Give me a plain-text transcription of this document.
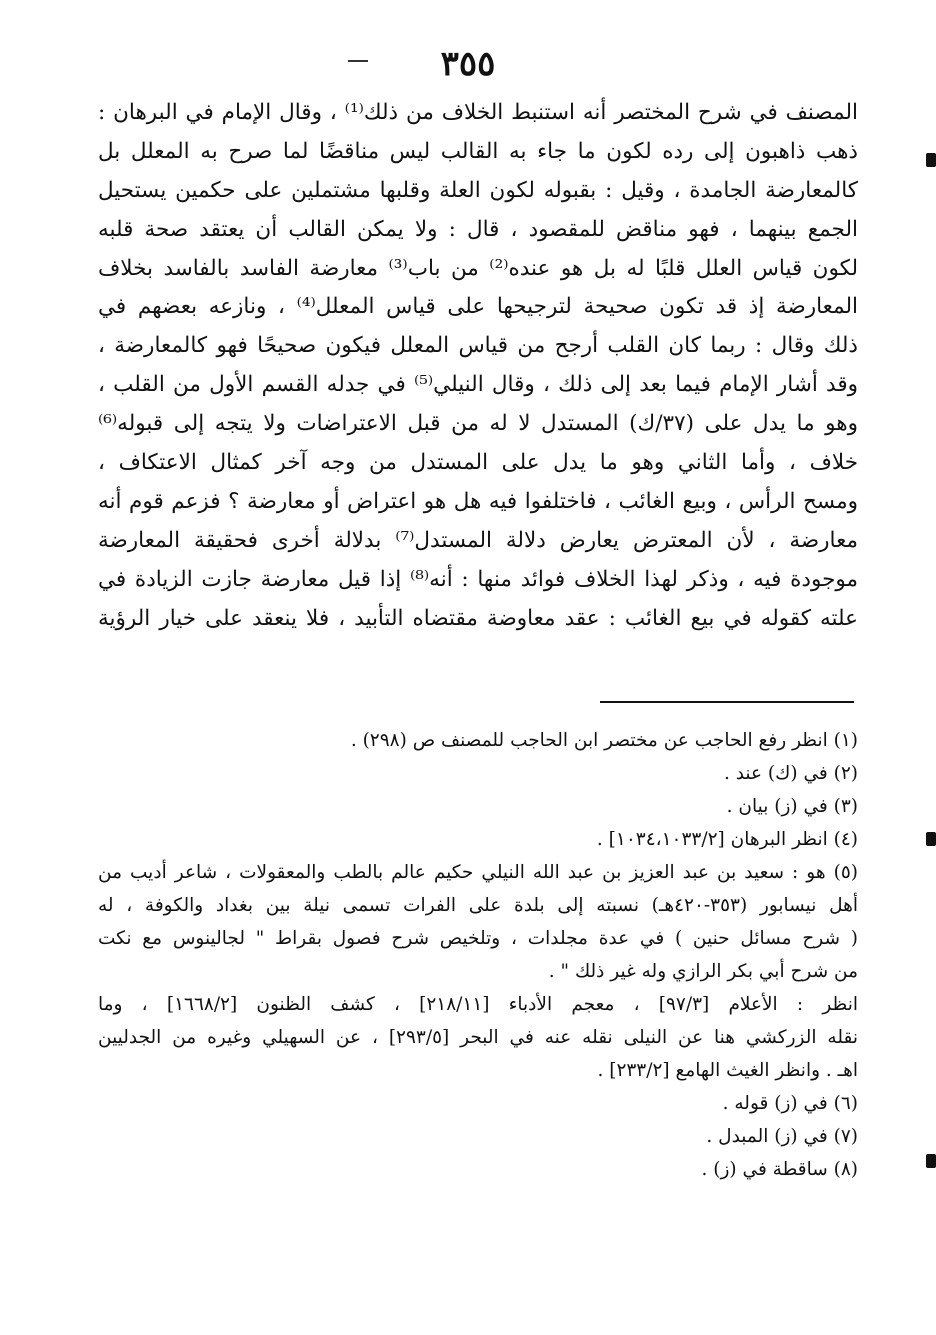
٣٥٥
المصنف في شرح المختصر أنه استنبط الخلاف من ذلك⁽¹⁾ ، وقال الإمام في البرهان :
ذهب ذاهبون إلى رده لكون ما جاء به القالب ليس مناقضًا لما صرح به المعلل بل
كالمعارضة الجامدة ، وقيل : بقبوله لكون العلة وقلبها مشتملين على حكمين يستحيل
الجمع بينهما ، فهو مناقض للمقصود ، قال : ولا يمكن القالب أن يعتقد صحة قلبه
لكون قياس العلل قلبًا له بل هو عنده⁽²⁾ من باب⁽³⁾ معارضة الفاسد بالفاسد بخلاف
المعارضة إذ قد تكون صحيحة لترجيحها على قياس المعلل⁽⁴⁾ ، ونازعه بعضهم في
ذلك وقال : ربما كان القلب أرجح من قياس المعلل فيكون صحيحًا فهو كالمعارضة ،
وقد أشار الإمام فيما بعد إلى ذلك ، وقال النيلي⁽⁵⁾ في جدله القسم الأول من القلب ،
وهو ما يدل على (٣٧/ك) المستدل لا له من قبل الاعتراضات ولا يتجه إلى قبوله⁽⁶⁾
خلاف ، وأما الثاني وهو ما يدل على المستدل من وجه آخر كمثال الاعتكاف ،
ومسح الرأس ، وبيع الغائب ، فاختلفوا فيه هل هو اعتراض أو معارضة ؟ فزعم قوم أنه
معارضة ، لأن المعترض يعارض دلالة المستدل⁽⁷⁾ بدلالة أخرى فحقيقة المعارضة
موجودة فيه ، وذكر لهذا الخلاف فوائد منها : أنه⁽⁸⁾ إذا قيل معارضة جازت الزيادة في
علته كقوله في بيع الغائب : عقد معاوضة مقتضاه التأبيد ، فلا ينعقد على خيار الرؤية
(١) انظر رفع الحاجب عن مختصر ابن الحاجب للمصنف ص (٢٩٨) .
(٢) في (ك) عند .
(٣) في (ز) بيان .
(٤) انظر البرهان [١٠٣٤،١٠٣٣/٢] .
(٥) هو : سعيد بن عبد العزيز بن عبد الله النيلي حكيم عالم بالطب والمعقولات ، شاعر أديب من
أهل نيسابور (٣٥٣-٤٢٠هـ) نسبته إلى بلدة على الفرات تسمى نيلة بين بغداد والكوفة ، له
( شرح مسائل حنين ) في عدة مجلدات ، وتلخيص شرح فصول بقراط " لجالينوس مع نكت
من شرح أبي بكر الرازي وله غير ذلك " .
انظر : الأعلام [٩٧/٣] ، معجم الأدباء [٢١٨/١١] ، كشف الظنون [١٦٦٨/٢] ، وما
نقله الزركشي هنا عن النيلى نقله عنه في البحر [٢٩٣/٥] ، عن السهيلي وغيره من الجدليين
اهـ . وانظر الغيث الهامع [٢٣٣/٢] .
(٦) في (ز) قوله .
(٧) في (ز) المبدل .
(٨) ساقطة في (ز) .
